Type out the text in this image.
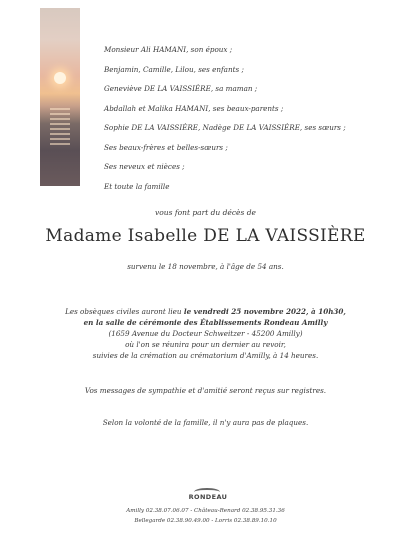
Monsieur Ali HAMANI, son époux ;
Benjamin, Camille, Lilou, ses enfants ;
Geneviève DE LA VAISSIÈRE, sa maman ;
Abdallah et Malika HAMANI, ses beaux-parents ;
Sophie DE LA VAISSIÈRE, Nadège DE LA VAISSIÈRE, ses sœurs ;
Ses beaux-frères et belles-sœurs ;
Ses neveux et nièces ;
Et toute la famille
vous font part du décès de
Madame Isabelle DE LA VAISSIÈRE
survenu le 18 novembre, à l'âge de 54 ans.
Les obsèques civiles auront lieu le vendredi 25 novembre 2022, à 10h30,
en la salle de cérémonie des Établissements Rondeau Amilly
(1659 Avenue du Docteur Schweitzer - 45200 Amilly)
où l'on se réunira pour un dernier au revoir,
suivies de la crémation au crématorium d'Amilly, à 14 heures.
Vos messages de sympathie et d'amitié seront reçus sur registres.
Selon la volonté de la famille, il n'y aura pas de plaques.
RONDEAU
Amilly 02.38.07.06.07 - Château-Renard 02.38.95.31.36
Bellegarde 02.38.90.49.00 - Lorris 02.38.89.10.10
